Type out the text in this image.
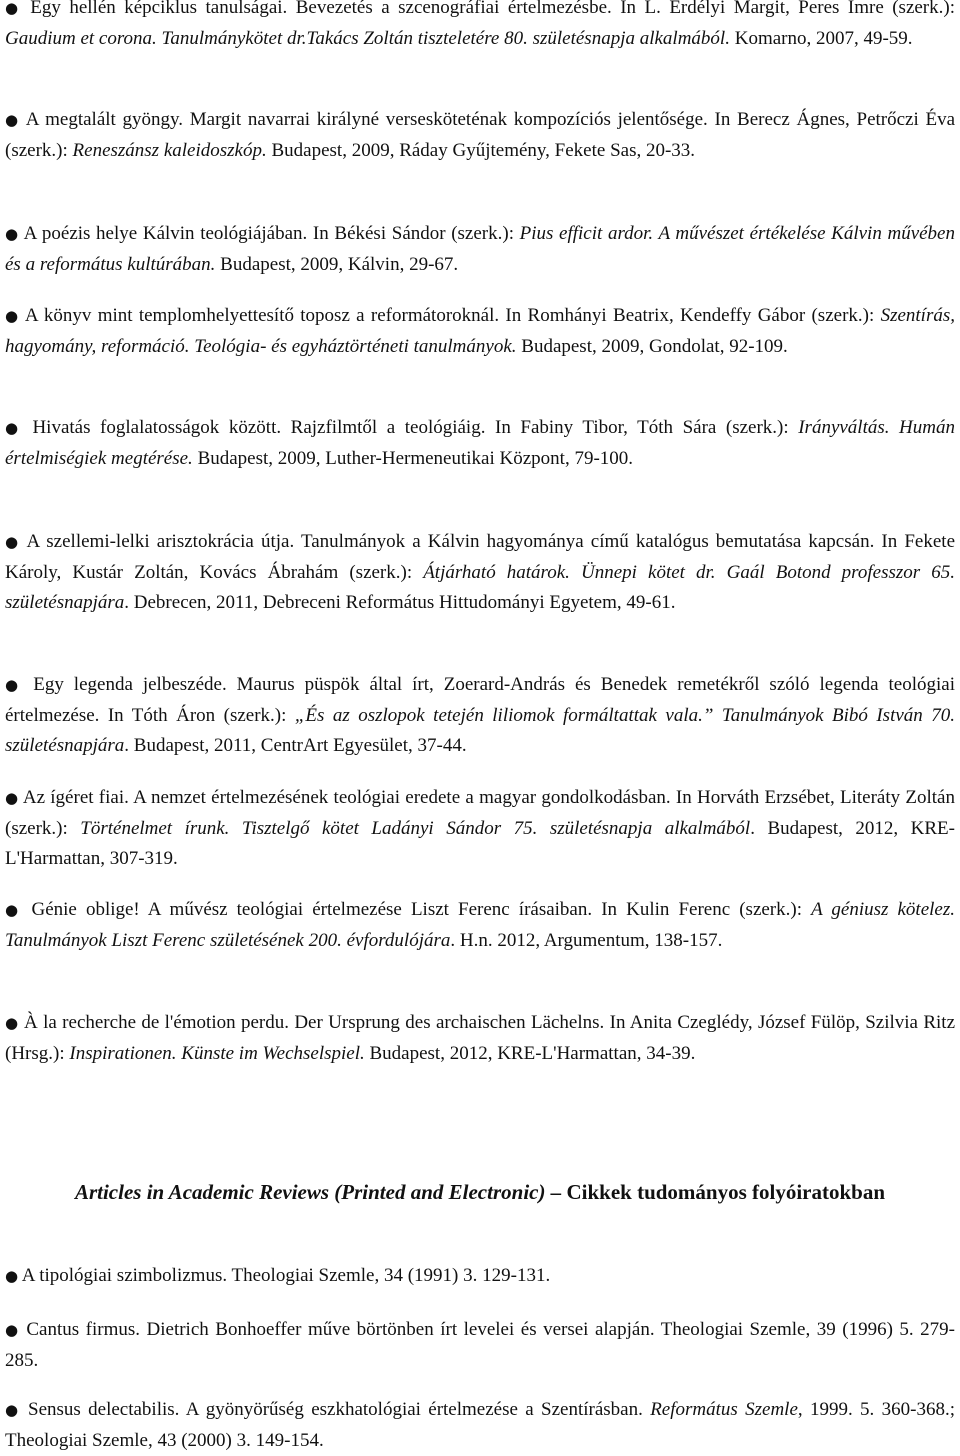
● Egy hellén képciklus tanulságai. Bevezetés a szcenográfiai értelmezésbe. In L. Erdélyi Margit, Peres Imre (szerk.): Gaudium et corona. Tanulmánykötet dr.Takács Zoltán tiszteletére 80. születésnapja alkalmából. Komarno, 2007, 49-59.

● A megtalált gyöngy. Margit navarrai királyné versesköteténak kompozíciós jelentősége. In Berecz Ágnes, Petrőczi Éva (szerk.): Reneszánsz kaleidoszkóp. Budapest, 2009, Ráday Gyűjtemény, Fekete Sas, 20-33.

● A poézis helye Kálvin teológiájában. In Békési Sándor (szerk.): Pius efficit ardor. A művészet értékelése Kálvin művében és a református kultúrában. Budapest, 2009, Kálvin, 29-67.

● A könyv mint templomhelyettesítő toposz a reformátoroknál. In Romhányi Beatrix, Kendeffy Gábor (szerk.): Szentírás, hagyomány, reformáció. Teológia- és egyháztörténeti tanulmányok. Budapest, 2009, Gondolat, 92-109.

● Hivatás foglalatosságok között. Rajzfilmtől a teológiáig. In Fabiny Tibor, Tóth Sára (szerk.): Irányváltás. Humán értelmiségiek megtérése. Budapest, 2009, Luther-Hermeneutikai Központ, 79-100.

● A szellemi-lelki arisztokrácia útja. Tanulmányok a Kálvin hagyománya című katalógus bemutatása kapcsán. In Fekete Károly, Kustár Zoltán, Kovács Ábrahám (szerk.): Átjárható határok. Ünnepi kötet dr. Gaál Botond professzor 65. születésnapjára. Debrecen, 2011, Debreceni Református Hittudományi Egyetem, 49-61.

● Egy legenda jelbeszéde. Maurus püspök által írt, Zoerard-András és Benedek remetékről szóló legenda teológiai értelmezése. In Tóth Áron (szerk.): „És az oszlopok tetején liliomok formáltattak vala.” Tanulmányok Bibó István 70. születésnapjára. Budapest, 2011, CentrArt Egyesület, 37-44.

● Az ígéret fiai. A nemzet értelmezésének teológiai eredete a magyar gondolkodásban. In Horváth Erzsébet, Literáty Zoltán (szerk.): Történelmet írunk. Tisztelgő kötet Ladányi Sándor 75. születésnapja alkalmából. Budapest, 2012, KRE-L'Harmattan, 307-319.

● Génie oblige! A művész teológiai értelmezése Liszt Ferenc írásaiban. In Kulin Ferenc (szerk.): A géniusz kötelez. Tanulmányok Liszt Ferenc születésének 200. évfordulójára. H.n. 2012, Argumentum, 138-157.

● À la recherche de l'émotion perdu. Der Ursprung des archaischen Lächelns. In Anita Czeglédy, József Fülöp, Szilvia Ritz (Hrsg.): Inspirationen. Künste im Wechselspiel. Budapest, 2012, KRE-L'Harmattan, 34-39.

Articles in Academic Reviews (Printed and Electronic) – Cikkek tudományos folyóiratokban

● A tipológiai szimbolizmus. Theologiai Szemle, 34 (1991) 3. 129-131.

● Cantus firmus. Dietrich Bonhoeffer műve börtönben írt levelei és versei alapján. Theologiai Szemle, 39 (1996) 5. 279-285.

● Sensus delectabilis. A gyönyörűség eszkhatológiai értelmezése a Szentírásban. Református Szemle, 1999. 5. 360-368.; Theologiai Szemle, 43 (2000) 3. 149-154.
